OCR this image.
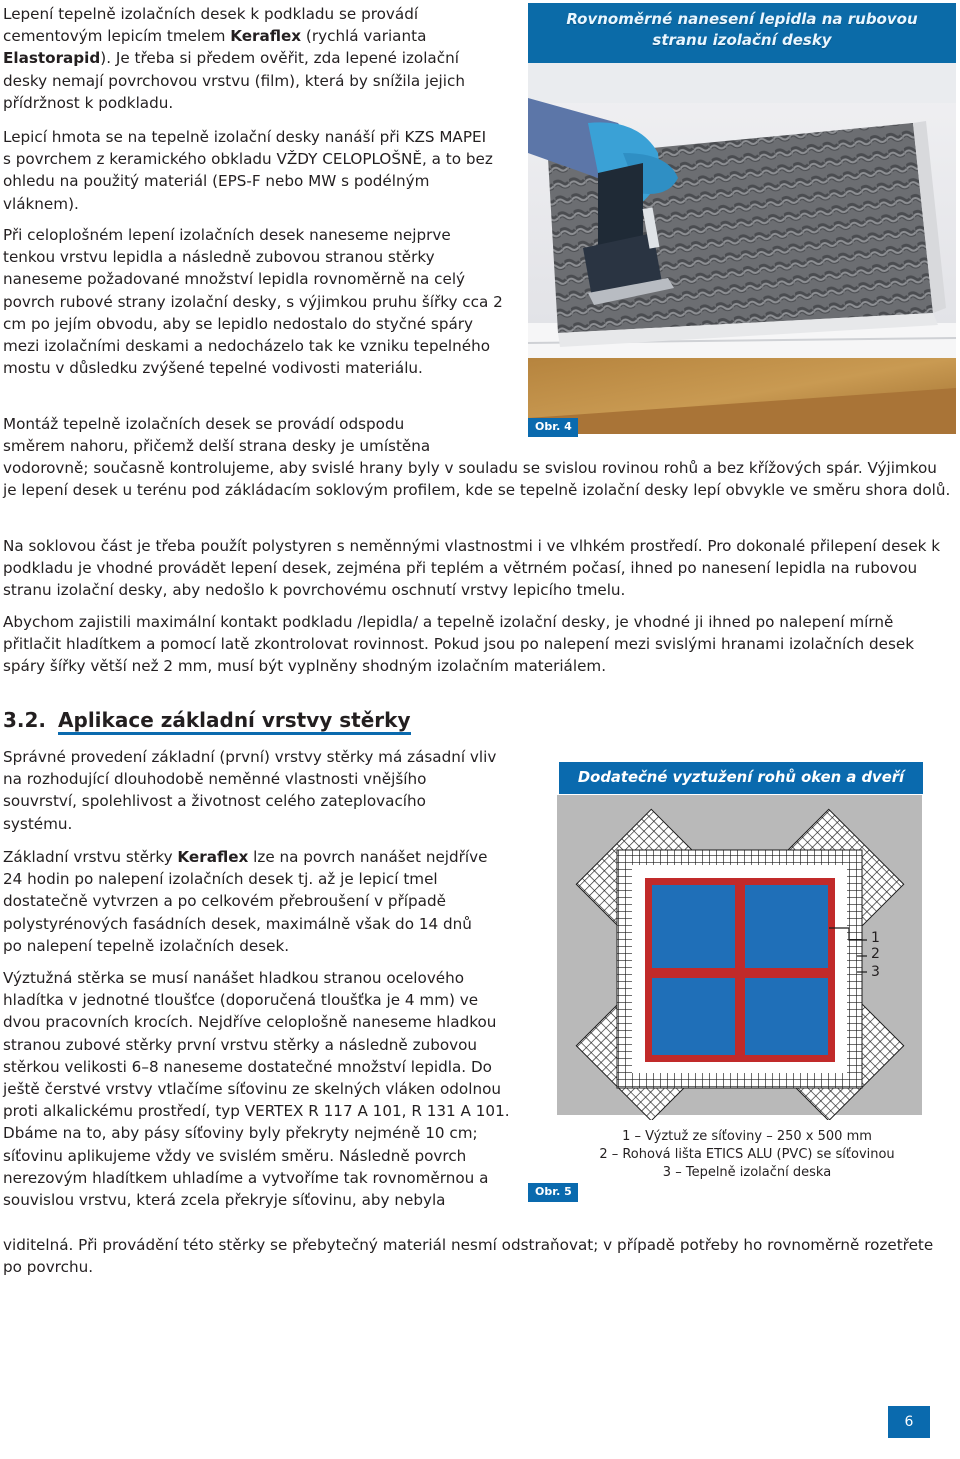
Lepení tepelně izolačních desek k podkladu se provádí cementovým lepicím tmelem Keraflex (rychlá varianta Elastorapid). Je třeba si předem ověřit, zda lepené izolační desky nemají povrchovou vrstvu (film), která by snížila jejich přídržnost k podkladu.

Lepicí hmota se na tepelně izolační desky nanáší při KZS MAPEI s povrchem z keramického obkladu VŽDY CELOPLOŠNĚ, a to bez ohledu na použitý materiál (EPS-F nebo MW s podélným vláknem).

Při celoplošném lepení izolačních desek naneseme nejprve tenkou vrstvu lepidla a následně zubovou stranou stěrky naneseme požadované množství lepidla rovnoměrně na celý povrch rubové strany izolační desky, s výjimkou pruhu šířky cca 2 cm po jejím obvodu, aby se lepidlo nedostalo do styčné spáry mezi izolačními deskami a nedocházelo tak ke vzniku tepelného mostu v důsledku zvýšené tepelné vodivosti materiálu.

Montáž tepelně izolačních desek se provádí odspodu
směrem nahoru, přičemž delší strana desky je umístěna

vodorovně; současně kontrolujeme, aby svislé hrany byly v souladu se svislou rovinou rohů a bez křížových spár. Výjimkou je lepení desek u terénu pod zákládacím soklovým profilem, kde se tepelně izolační desky lepí obvykle ve směru shora dolů.

Na soklovou část je třeba použít polystyren s neměnnými vlastnostmi i ve vlhkém prostředí. Pro dokonalé přilepení desek k podkladu je vhodné provádět lepení desek, zejména při teplém a větrném počasí, ihned po nanesení lepidla na rubovou stranu izolační desky, aby nedošlo k povrchovému oschnutí vrstvy lepicího tmelu.

Abychom zajistili maximální kontakt podkladu /lepidla/ a tepelně izolační desky, je vhodné ji ihned po nalepení mírně přitlačit hladítkem a pomocí latě zkontrolovat rovinnost. Pokud jsou po nalepení mezi svislými hranami izolačních desek spáry šířky větší než 2 mm, musí být vyplněny shodným izolačním materiálem.

Rovnoměrné nanesení lepidla na rubovou
stranu izolační desky
Obr. 4
3.2. Aplikace základní vrstvy stěrky

Správné provedení základní (první) vrstvy stěrky má zásadní vliv na rozhodující dlouhodobě neměnné vlastnosti vnějšího souvrství, spolehlivost a životnost celého zateplovacího systému.

Základní vrstvu stěrky Keraflex lze na povrch nanášet nejdříve 24 hodin po nalepení izolačních desek tj. až je lepicí tmel dostatečně vytvrzen a po celkovém přebroušení v případě polystyrénových fasádních desek, maximálně však do 14 dnů po nalepení tepelně izolačních desek.

Výztužná stěrka se musí nanášet hladkou stranou ocelového hladítka v jednotné tloušťce (doporučená tloušťka je 4 mm) ve dvou pracovních krocích. Nejdříve celoplošně naneseme hladkou stranou zubové stěrky první vrstvu stěrky a následně zubovou stěrkou velikosti 6–8 naneseme dostatečné množství lepidla. Do ještě čerstvé vrstvy vtlačíme síťovinu ze skelných vláken odolnou proti alkalickému prostředí, typ VERTEX R 117 A 101, R 131 A 101. Dbáme na to, aby pásy síťoviny byly překryty nejméně 10 cm; síťovinu aplikujeme vždy ve svislém směru. Následně povrch nerezovým hladítkem uhladíme a vytvoříme tak rovnoměrnou a souvislou vrstvu, která zcela překryje síťovinu, aby nebyla

viditelná. Při provádění této stěrky se přebytečný materiál nesmí odstraňovat; v případě potřeby ho rovnoměrně rozetřete po povrchu.

Dodatečné vyztužení rohů oken a dveří
1
2
3
1 – Výztuž ze síťoviny – 250 x 500 mm
2 – Rohová lišta ETICS ALU (PVC) se síťovinou
3 – Tepelně izolační deska
Obr. 5
6
